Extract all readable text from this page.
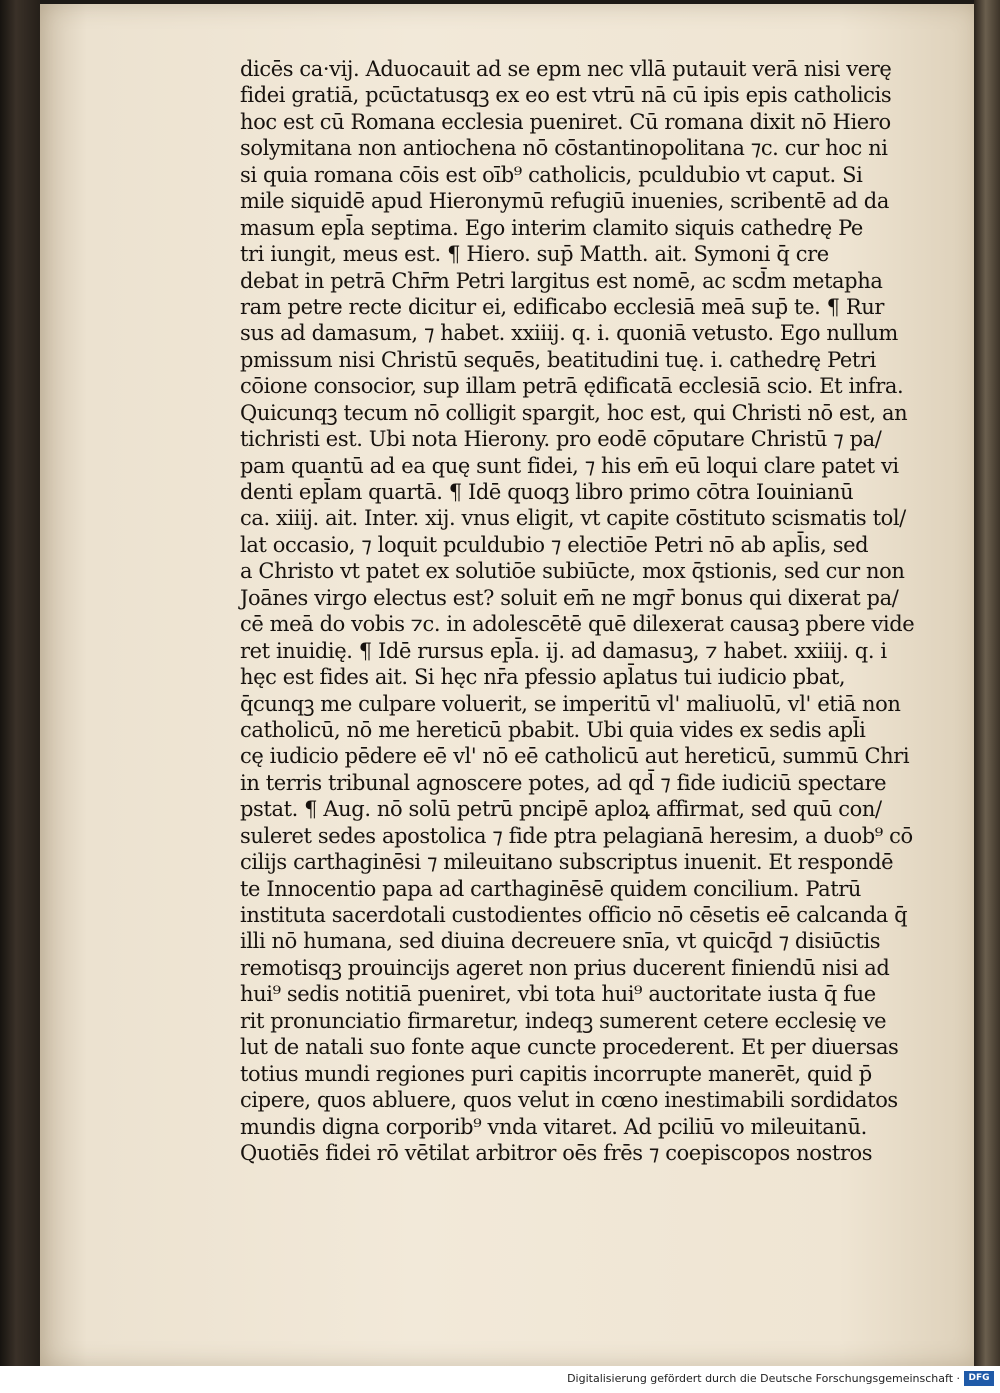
dicēs ca·vij. Aduocauit ad se epm nec vllā putauit verā nisi verę
fidei gratiā, pcūctatusqꝫ ex eo est vtrū nā cū ipis epis catholicis
hoc est cū Romana ecclesia pueniret. Cū romana dixit nō Hiero
solymitana non antiochena nō cōstantinopolitana ⁊c. cur hoc ni
si quia romana cōis est oīb⁹ catholicis, pculdubio vt caput. Si
mile siquidē apud Hieronymū refugiū inuenies, scribentē ad da
masum epl̄a septima. Ego interim clamito siquis cathedrę Pe
tri iungit, meus est. ¶ Hiero. sup̄ Matth. ait. Symoni q̄ cre
debat in petrā Chr̄m Petri largitus est nomē, ac scd̄m metapha
ram petre recte dicitur ei, edificabo ecclesiā meā sup̄ te. ¶ Rur
sus ad damasum, ⁊ habet. xxiiij. q. i. quoniā vetusto. Ego nullum
pmissum nisi Christū sequēs, beatitudini tuę. i. cathedrę Petri
cōione consocior, sup illam petrā ędificatā ecclesiā scio. Et infra.
Quicunqꝫ tecum nō colligit spargit, hoc est, qui Christi nō est, an
tichristi est. Ubi nota Hierony. pro eodē cōputare Christū ⁊ pa/
pam quantū ad ea quę sunt fidei, ⁊ his em̄ eū loqui clare patet vi
denti epl̄am quartā. ¶ Idē quoqꝫ libro primo cōtra Iouinianū
ca. xiiij. ait. Inter. xij. vnus eligit, vt capite cōstituto scismatis tol/
lat occasio, ⁊ loquit pculdubio ⁊ electiōe Petri nō ab apl̄is, sed
a Christo vt patet ex solutiōe subiūcte, mox q̄stionis, sed cur non
Joānes virgo electus est? soluit em̄ ne mgr̄ bonus qui dixerat pa/
cē meā do vobis ⁊c. in adolescētē quē dilexerat causaꝫ pbere vide
ret inuidię. ¶ Idē rursus epl̄a. ij. ad damasuꝫ, ⁊ habet. xxiiij. q. i
hęc est fides ait. Si hęc nr̄a pfessio apl̄atus tui iudicio pbat,
q̄cunqꝫ me culpare voluerit, se imperitū vl' maliuolū, vl' etiā non
catholicū, nō me hereticū pbabit. Ubi quia vides ex sedis apl̄i
cę iudicio pēdere eē vl' nō eē catholicū aut hereticū, summū Chri
in terris tribunal agnoscere potes, ad qd̄ ⁊ fide iudiciū spectare
pstat. ¶ Aug. nō solū petrū pncipē aploꝝ affirmat, sed quū con/
suleret sedes apostolica ⁊ fide ptra pelagianā heresim, a duob⁹ cō
cilijs carthaginēsi ⁊ mileuitano subscriptus inuenit. Et respondē
te Innocentio papa ad carthaginēsē quidem concilium. Patrū
instituta sacerdotali custodientes officio nō cēsetis eē calcanda q̄
illi nō humana, sed diuina decreuere snīa, vt quicq̄d ⁊ disiūctis
remotisqꝫ prouincijs ageret non prius ducerent finiendū nisi ad
hui⁹ sedis notitiā pueniret, vbi tota hui⁹ auctoritate iusta q̄ fue
rit pronunciatio firmaretur, indeqꝫ sumerent cetere ecclesię ve
lut de natali suo fonte aque cuncte procederent. Et per diuersas
totius mundi regiones puri capitis incorrupte manerēt, quid p̄
cipere, quos abluere, quos velut in cœno inestimabili sordidatos
mundis digna corporib⁹ vnda vitaret. Ad pciliū vo mileuitanū.
Quotiēs fidei rō vētilat arbitror oēs frēs ⁊ coepiscopos nostros
Digitalisierung gefördert durch die Deutsche Forschungsgemeinschaft · DFG
